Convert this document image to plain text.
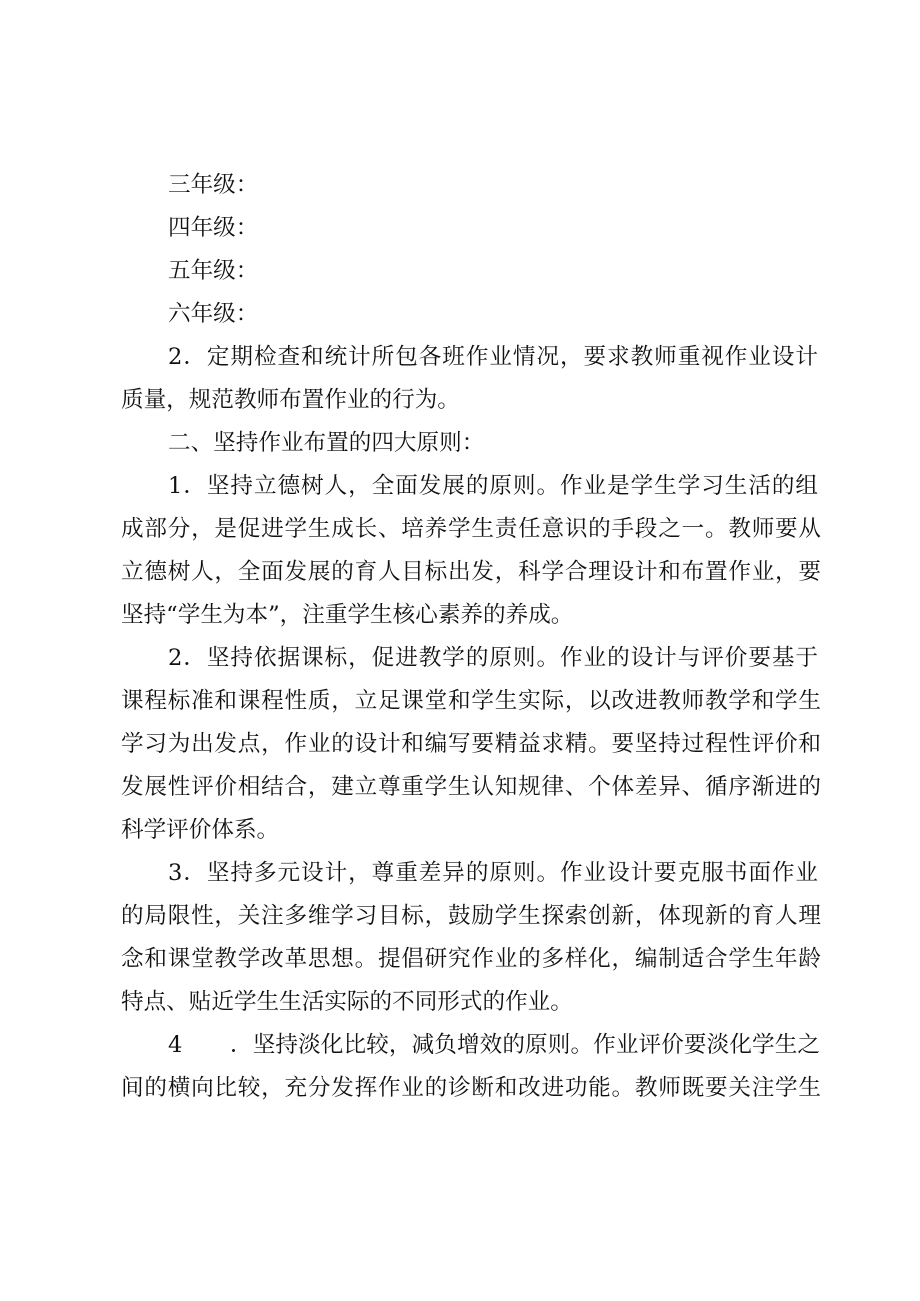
三年级：
四年级：
五年级：
六年级：
2．定期检查和统计所包各班作业情况，要求教师重视作业设计
质量，规范教师布置作业的行为。
二、坚持作业布置的四大原则：
1．坚持立德树人，全面发展的原则。作业是学生学习生活的组
成部分，是促进学生成长、培养学生责任意识的手段之一。教师要从
立德树人，全面发展的育人目标出发，科学合理设计和布置作业，要
坚持“学生为本”，注重学生核心素养的养成。
2．坚持依据课标，促进教学的原则。作业的设计与评价要基于
课程标准和课程性质，立足课堂和学生实际，以改进教师教学和学生
学习为出发点，作业的设计和编写要精益求精。要坚持过程性评价和
发展性评价相结合，建立尊重学生认知规律、个体差异、循序渐进的
科学评价体系。
3．坚持多元设计，尊重差异的原则。作业设计要克服书面作业
的局限性，关注多维学习目标，鼓励学生探索创新，体现新的育人理
念和课堂教学改革思想。提倡研究作业的多样化，编制适合学生年龄
特点、贴近学生生活实际的不同形式的作业。
4	．坚持淡化比较，减负增效的原则。作业评价要淡化学生之
间的横向比较，充分发挥作业的诊断和改进功能。教师既要关注学生
